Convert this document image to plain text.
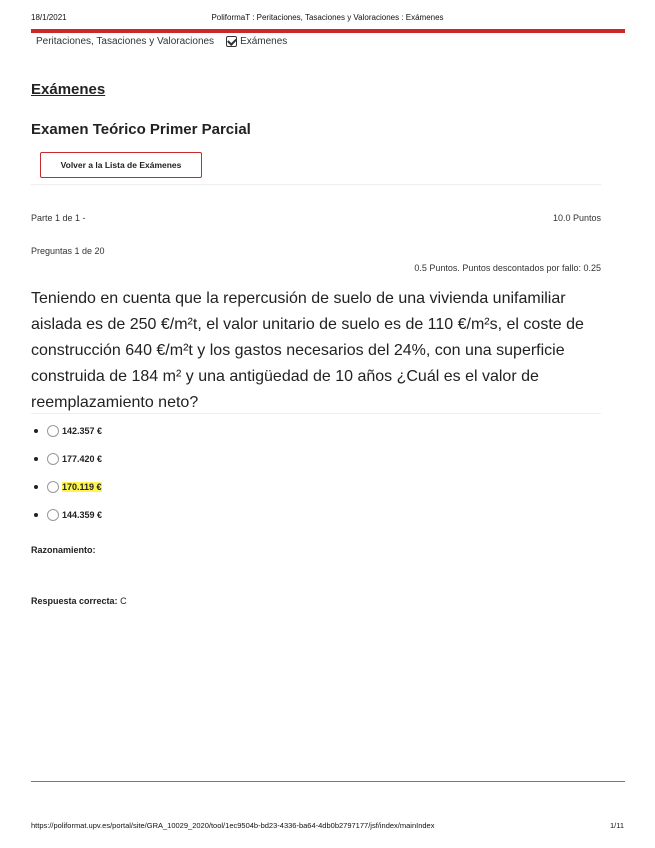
18/1/2021	PoliformaT : Peritaciones, Tasaciones y Valoraciones : Exámenes
Peritaciones, Tasaciones y Valoraciones	Exámenes
Exámenes
Examen Teórico Primer Parcial
Volver a la Lista de Exámenes
Parte 1 de 1 -	10.0 Puntos
Preguntas 1 de 20
0.5 Puntos. Puntos descontados por fallo: 0.25
Teniendo en cuenta que la repercusión de suelo de una vivienda unifamiliar aislada es de 250 €/m²t, el valor unitario de suelo es de 110 €/m²s, el coste de construcción 640 €/m²t y los gastos necesarios del 24%, con una superficie construida de 184 m² y una antigüedad de 10 años ¿Cuál es el valor de reemplazamiento neto?
142.357 €
177.420 €
170.119 €
144.359 €
Razonamiento:
Respuesta correcta: C
https://poliformat.upv.es/portal/site/GRA_10029_2020/tool/1ec9504b-bd23-4336-ba64-4db0b2797177/jsf/index/mainIndex	1/11
